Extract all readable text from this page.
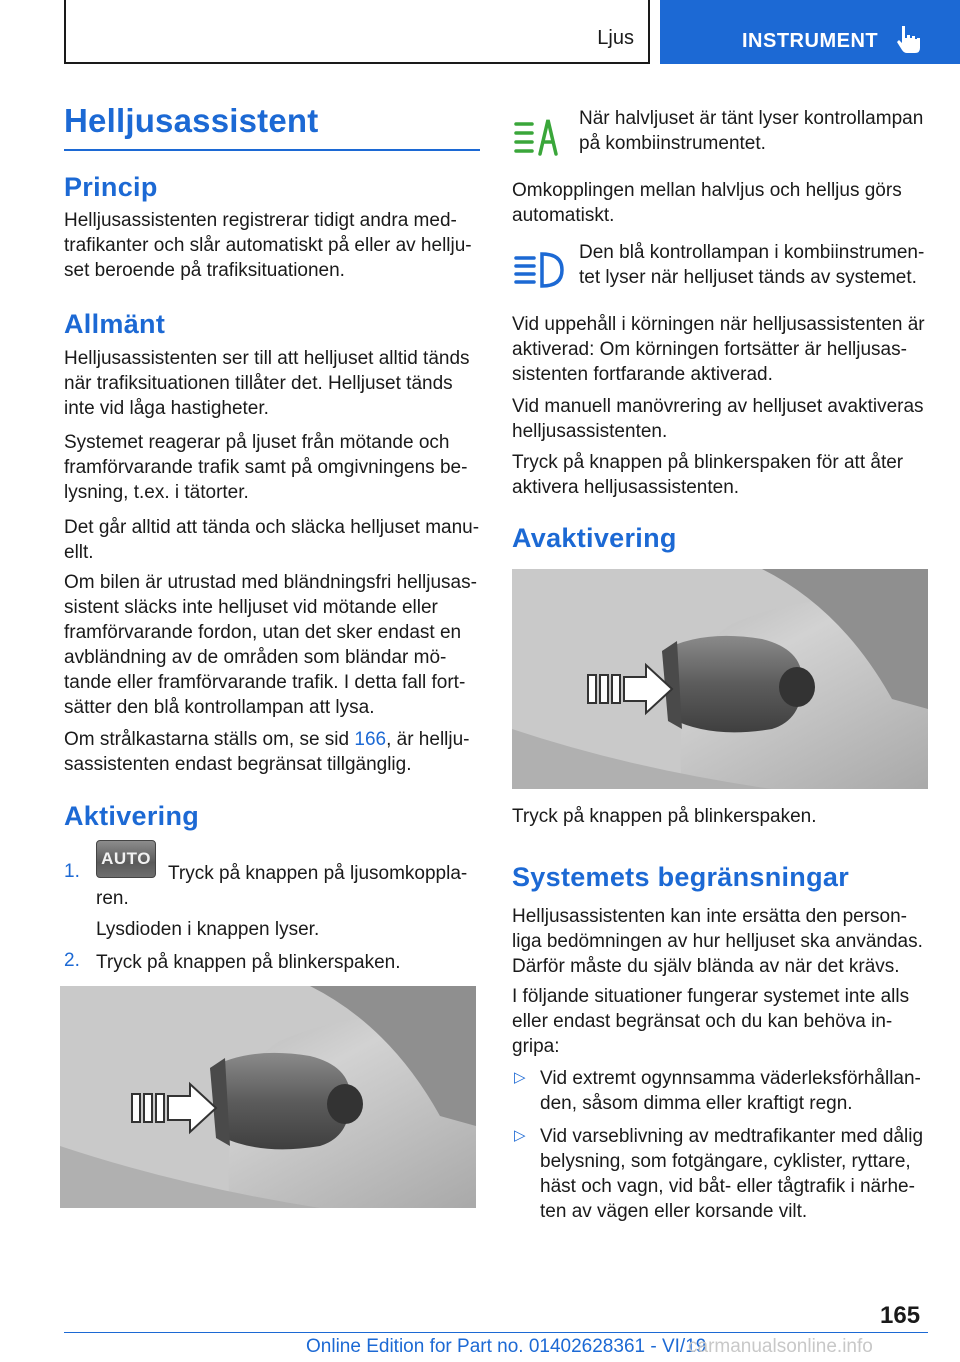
Ljus	INSTRUMENT
Helljusassistent
Princip
Helljusassistenten registrerar tidigt andra med-
trafikanter och slår automatiskt på eller av hellju-
set beroende på trafiksituationen.
Allmänt
Helljusassistenten ser till att helljuset alltid tänds
när trafiksituationen tillåter det. Helljuset tänds
inte vid låga hastigheter.
Systemet reagerar på ljuset från mötande och
framförvarande trafik samt på omgivningens be-
lysning, t.ex. i tätorter.
Det går alltid att tända och släcka helljuset manu-
ellt.
Om bilen är utrustad med bländningsfri helljusas-
sistent släcks inte helljuset vid mötande eller
framförvarande fordon, utan det sker endast en
avbländning av de områden som bländar mö-
tande eller framförvarande trafik. I detta fall fort-
sätter den blå kontrollampan att lysa.
Om strålkastarna ställs om, se sid 166, är hellju-
sassistenten endast begränsat tillgänglig.
Aktivering
1.
AUTO
Tryck på knappen på ljusomkoppla-
ren.
Lysdioden i knappen lyser.
2. Tryck på knappen på blinkerspaken.
När halvljuset är tänt lyser kontrollampan
på kombiinstrumentet.
Omkopplingen mellan halvljus och helljus görs
automatiskt.
Den blå kontrollampan i kombiinstrumen-
tet lyser när helljuset tänds av systemet.
Vid uppehåll i körningen när helljusassistenten är
aktiverad: Om körningen fortsätter är helljusas-
sistenten fortfarande aktiverad.
Vid manuell manövrering av helljuset avaktiveras
helljusassistenten.
Tryck på knappen på blinkerspaken för att åter
aktivera helljusassistenten.
Avaktivering
Tryck på knappen på blinkerspaken.
Systemets begränsningar
Helljusassistenten kan inte ersätta den person-
liga bedömningen av hur helljuset ska användas.
Därför måste du själv blända av när det krävs.
I följande situationer fungerar systemet inte alls
eller endast begränsat och du kan behöva in-
gripa:
▷ Vid extremt ogynnsamma väderleksförhållan-
den, såsom dimma eller kraftigt regn.
▷ Vid varseblivning av medtrafikanter med dålig
belysning, som fotgängare, cyklister, ryttare,
häst och vagn, vid båt- eller tågtrafik i närhe-
ten av vägen eller korsande vilt.
165
Online Edition for Part no. 01402628361 - VI/19
carmanualsonline.info
